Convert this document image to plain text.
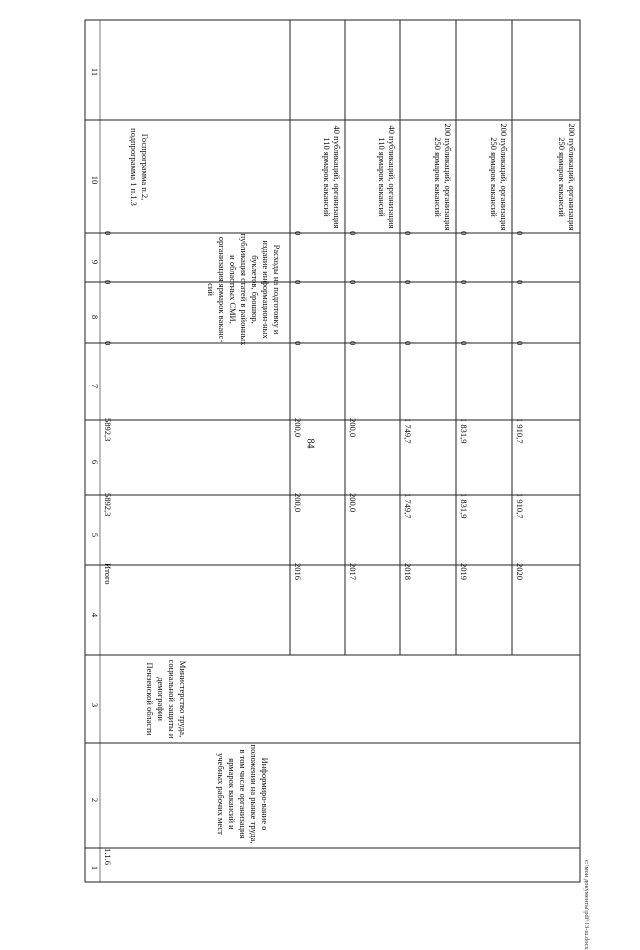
84
c:\мои документы\pdf\13-ш.docx
1
2
3
4
5
6
7
8
9
10
11
1.1.6
Информиро-вание о положении на рынке труда, в том числе организация ярмарок вакансий и учебных рабочих мест
Министерство труда, социальной защиты и демографии Пензенской области
Итого
5892,3
5892,3
0
0
0
Расходы на подготовку и издание информацион-ных буклетов, брошюр, публикация статей в районных и областных СМИ, организация ярмарок ваканс-сий
Госпрограмма п.2, подпрограмма 1 п.1.3
2016
200,0
200,0
0
0
0
40 публикаций, организация 110 ярмарок вакансий
2017
200,0
200,0
0
0
0
40 публикаций, организация 110 ярмарок вакансий
2018
1 749,7
1 749,7
0
0
0
200 публикаций, организация 250 ярмарок вакансий
2019
1 831,9
1 831,9
0
0
0
200 публикаций, организация 250 ярмарок вакансий
2020
1 910,7
1 910,7
0
0
0
200 публикаций, организация 250 ярмарок вакансий
